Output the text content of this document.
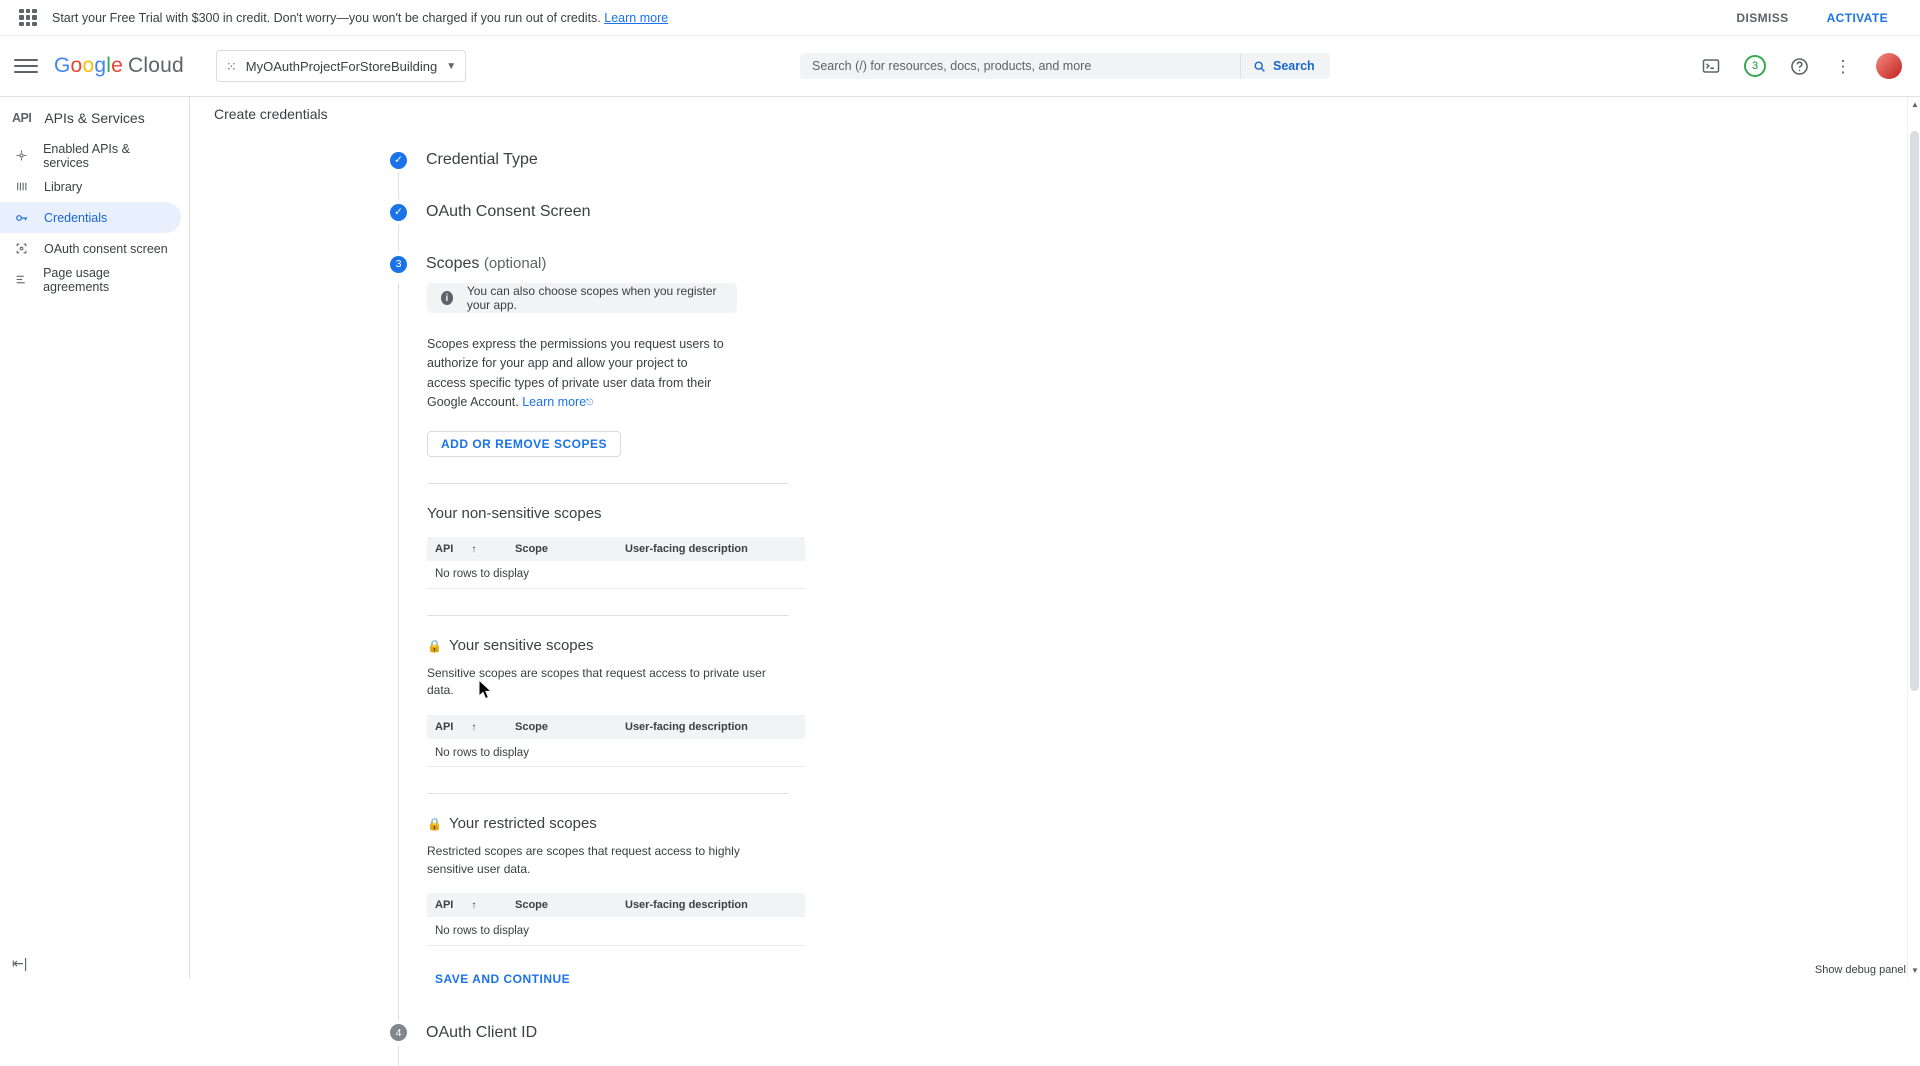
Start your Free Trial with $300 in credit. Don't worry—you won't be charged if you run out of credits. Learn more	DISMISS	ACTIVATE
Google Cloud	⁙ MyOAuthProjectForStoreBuilding ▼
Search (/) for resources, docs, products, and more	Search	3	⋮
API APIs & Services
Enabled APIs & services
Library
Credentials
OAuth consent screen
Page usage agreements
⇤|
Create credentials
✓ Credential Type
✓ OAuth Consent Screen
3	Scopes (optional)
i	You can also choose scopes when you register your app.

Scopes express the permissions you request users to authorize for your app and allow your project to access specific types of private user data from their Google Account. Learn more⎋

ADD OR REMOVE SCOPES
Your non-sensitive scopes
API ↑	Scope	User-facing description
No rows to display
🔒 Your sensitive scopes
Sensitive scopes are scopes that request access to private user data.
API ↑	Scope	User-facing description
No rows to display
🔒 Your restricted scopes
Restricted scopes are scopes that request access to highly sensitive user data.
API ↑	Scope	User-facing description
No rows to display
SAVE AND CONTINUE
4	OAuth Client ID
▲
▼
Show debug panel
